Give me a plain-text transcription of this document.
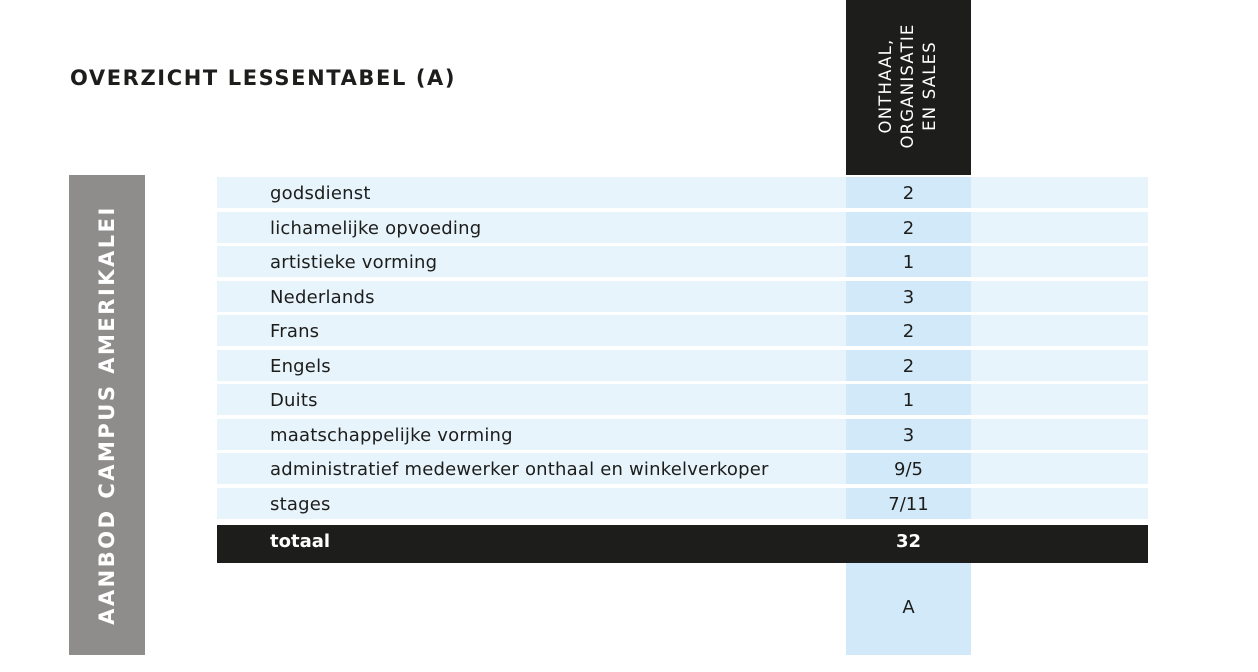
OVERZICHT LESSENTABEL (A)
AANBOD CAMPUS AMERIKALEI
ONTHAAL, ORGANISATIE EN SALES
godsdienst	2
lichamelijke opvoeding	2
artistieke vorming	1
Nederlands	3
Frans	2
Engels	2
Duits	1
maatschappelijke vorming	3
administratief medewerker onthaal en winkelverkoper	9/5
stages	7/11
totaal	32
A
